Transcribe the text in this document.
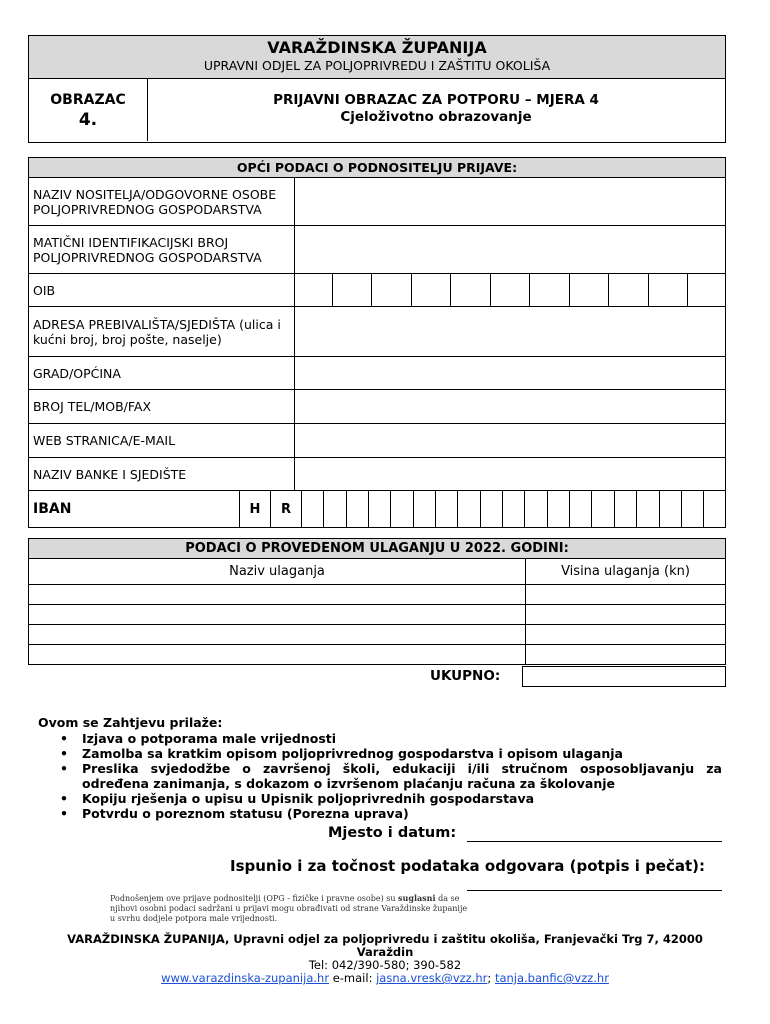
VARAŽDINSKA ŽUPANIJA
UPRAVNI ODJEL ZA POLJOPRIVREDU I ZAŠTITU OKOLIŠA
OBRAZAC
4.
PRIJAVNI OBRAZAC ZA POTPORU – MJERA 4
Cjeloživotno obrazovanje
OPĆI PODACI O PODNOSITELJU PRIJAVE:
NAZIV NOSITELJA/ODGOVORNE OSOBE POLJOPRIVREDNOG GOSPODARSTVA	
MATIČNI IDENTIFIKACIJSKI BROJ POLJOPRIVREDNOG GOSPODARSTVA	
OIB	

ADRESA PREBIVALIŠTA/SJEDIŠTA (ulica i kućni broj, broj pošte, naselje)	
GRAD/OPĆINA	
BROJ TEL/MOB/FAX	
WEB STRANICA/E-MAIL	
NAZIV BANKE I SJEDIŠTE	

IBAN	H	R																			
PODACI O PROVEDENOM ULAGANJU U 2022. GODINI:	
Naziv ulaganja	Visina ulaganja (kn)

UKUPNO:
Ovom se Zahtjevu prilaže:
• Izjava o potporama male vrijednosti
• Zamolba sa kratkim opisom poljoprivrednog gospodarstva i opisom ulaganja
• Preslika svjedodžbe o završenoj školi, edukaciji i/ili stručnom osposobljavanju za određena zanimanja, s dokazom o izvršenom plaćanju računa za školovanje
• Kopiju rješenja o upisu u Upisnik poljoprivrednih gospodarstava
• Potvrdu o poreznom statusu (Porezna uprava)
Mjesto i datum:
Ispunio i za točnost podataka odgovara (potpis i pečat):
Podnošenjem ove prijave podnositelji (OPG - fizičke i pravne osobe) su suglasni da se njihovi osobni podaci sadržani u prijavi mogu obrađivati od strane Varaždinske županije u svrhu dodjele potpora male vrijednosti.
VARAŽDINSKA ŽUPANIJA, Upravni odjel za poljoprivredu i zaštitu okoliša, Franjevački Trg 7, 42000 Varaždin
Tel: 042/390-580; 390-582
www.varazdinska-zupanija.hr e-mail: jasna.vresk@vzz.hr; tanja.banfic@vzz.hr
